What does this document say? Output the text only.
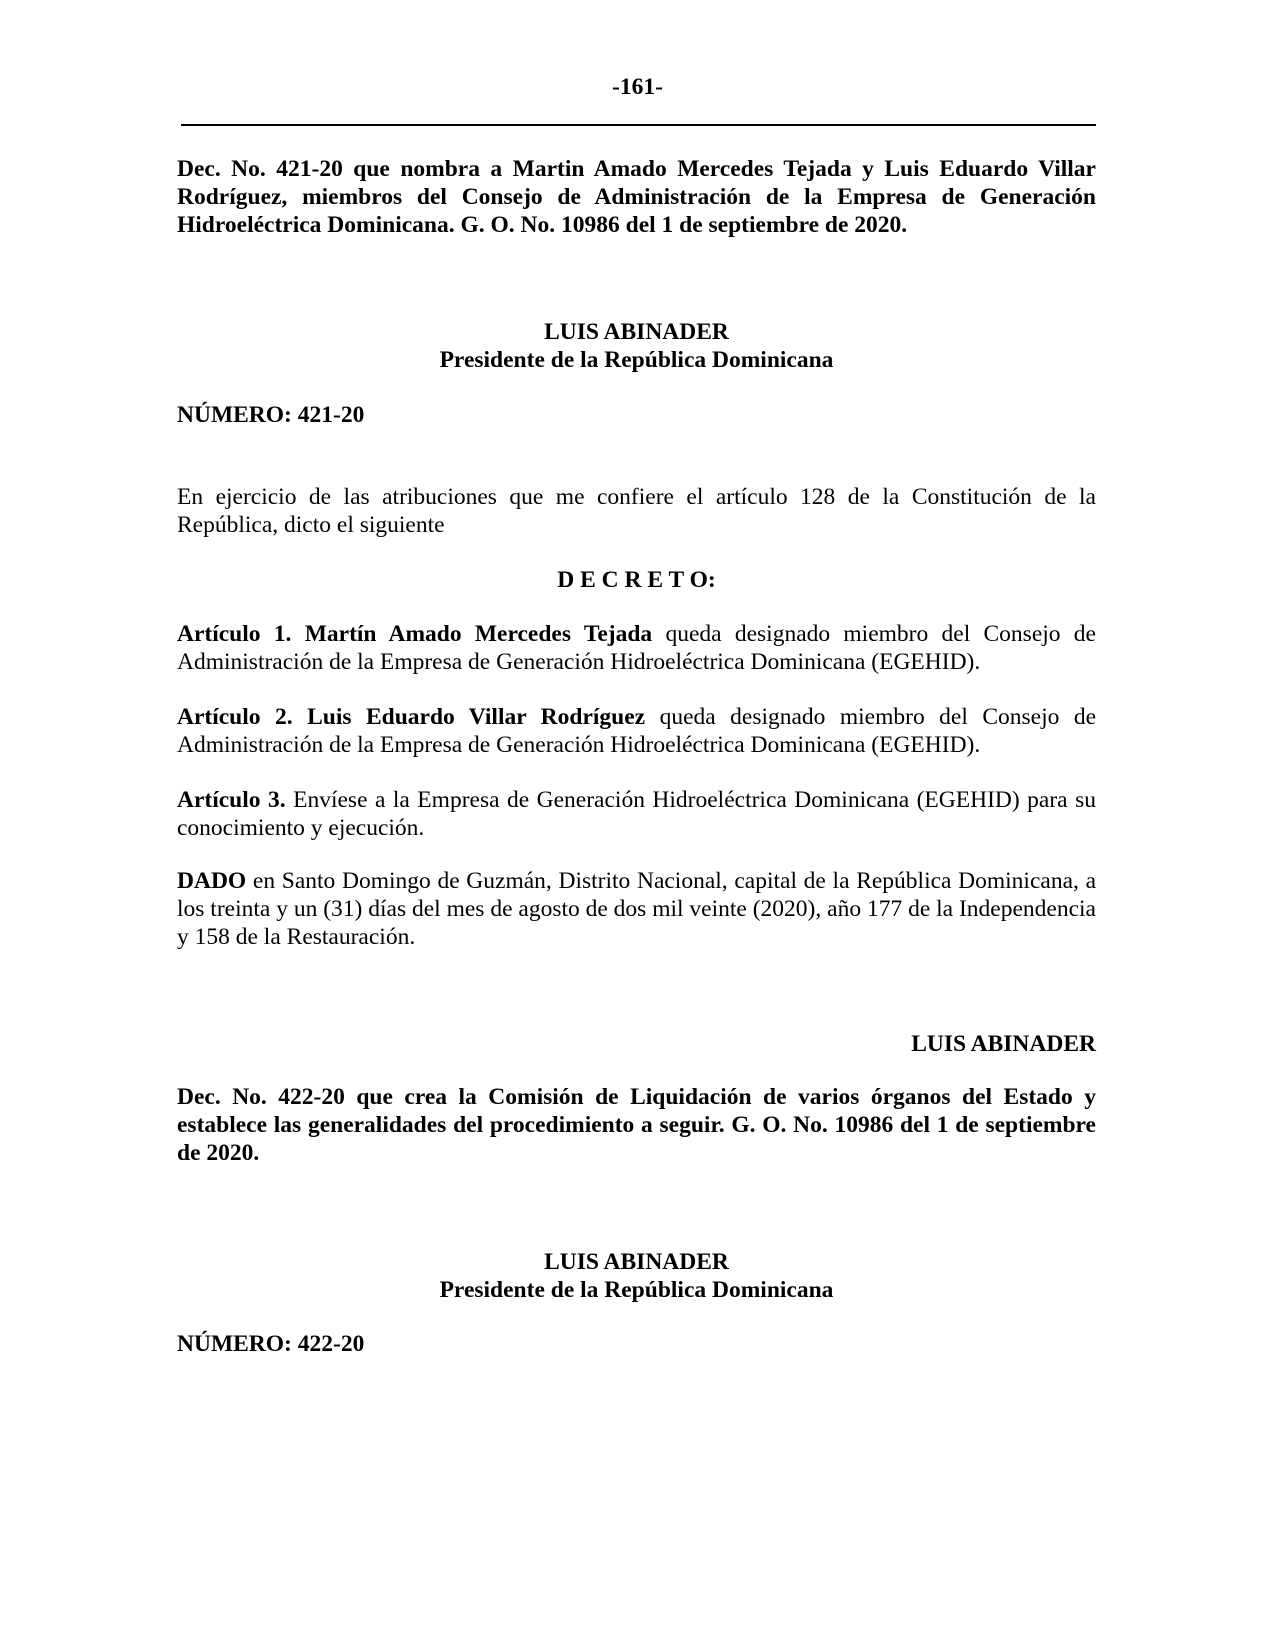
-161-

Dec. No. 421-20 que nombra a Martin Amado Mercedes Tejada y Luis Eduardo Villar Rodríguez, miembros del Consejo de Administración de la Empresa de Generación Hidroeléctrica Dominicana. G. O. No. 10986 del 1 de septiembre de 2020.

LUIS ABINADER
Presidente de la República Dominicana

NÚMERO: 421-20

En ejercicio de las atribuciones que me confiere el artículo 128 de la Constitución de la República, dicto el siguiente

D E C R E T O:

Artículo 1. Martín Amado Mercedes Tejada queda designado miembro del Consejo de Administración de la Empresa de Generación Hidroeléctrica Dominicana (EGEHID).

Artículo 2. Luis Eduardo Villar Rodríguez queda designado miembro del Consejo de Administración de la Empresa de Generación Hidroeléctrica Dominicana (EGEHID).

Artículo 3. Envíese a la Empresa de Generación Hidroeléctrica Dominicana (EGEHID) para su conocimiento y ejecución.

DADO en Santo Domingo de Guzmán, Distrito Nacional, capital de la República Dominicana, a los treinta y un (31) días del mes de agosto de dos mil veinte (2020), año 177 de la Independencia y 158 de la Restauración.

LUIS ABINADER

Dec. No. 422-20 que crea la Comisión de Liquidación de varios órganos del Estado y establece las generalidades del procedimiento a seguir. G. O. No. 10986 del 1 de septiembre de 2020.

LUIS ABINADER
Presidente de la República Dominicana

NÚMERO: 422-20
